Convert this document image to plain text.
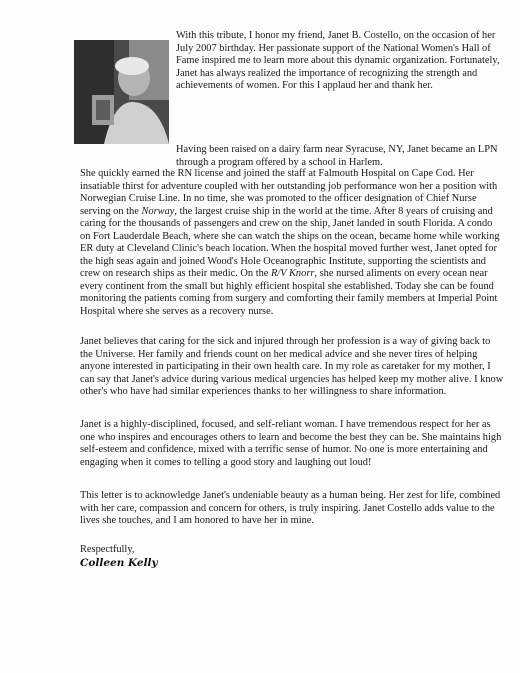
With this tribute, I honor my friend, Janet B. Costello, on the occasion of her July 2007 birthday. Her passionate support of the National Women's Hall of Fame inspired me to learn more about this dynamic organization. Fortunately, Janet has always realized the importance of recognizing the strength and achievements of women. For this I applaud her and thank her.
Having been raised on a dairy farm near Syracuse, NY, Janet became an LPN through a program offered by a school in Harlem.
She quickly earned the RN license and joined the staff at Falmouth Hospital on Cape Cod. Her insatiable thirst for adventure coupled with her outstanding job performance won her a position with Norwegian Cruise Line. In no time, she was promoted to the officer designation of Chief Nurse serving on the Norway, the largest cruise ship in the world at the time. After 8 years of cruising and caring for the thousands of passengers and crew on the ship, Janet landed in south Florida. A condo on Fort Lauderdale Beach, where she can watch the ships on the ocean, became home while working ER duty at Cleveland Clinic's beach location. When the hospital moved further west, Janet opted for the high seas again and joined Wood's Hole Oceanographic Institute, supporting the scientists and crew on research ships as their medic. On the R/V Knorr, she nursed aliments on every ocean near every continent from the small but highly efficient hospital she established. Today she can be found monitoring the patients coming from surgery and comforting their family members at Imperial Point Hospital where she serves as a recovery nurse.
Janet believes that caring for the sick and injured through her profession is a way of giving back to the Universe. Her family and friends count on her medical advice and she never tires of helping anyone interested in participating in their own health care. In my role as caretaker for my mother, I can say that Janet's advice during various medical urgencies has helped keep my mother alive. I know other's who have had similar experiences thanks to her willingness to share information.
Janet is a highly-disciplined, focused, and self-reliant woman. I have tremendous respect for her as one who inspires and encourages others to learn and become the best they can be. She maintains high self-esteem and confidence, mixed with a terrific sense of humor. No one is more entertaining and engaging when it comes to telling a good story and laughing out loud!
This letter is to acknowledge Janet's undeniable beauty as a human being. Her zest for life, combined with her care, compassion and concern for others, is truly inspiring. Janet Costello adds value to the lives she touches, and I am honored to have her in mine.
Respectfully,
Colleen Kelly
